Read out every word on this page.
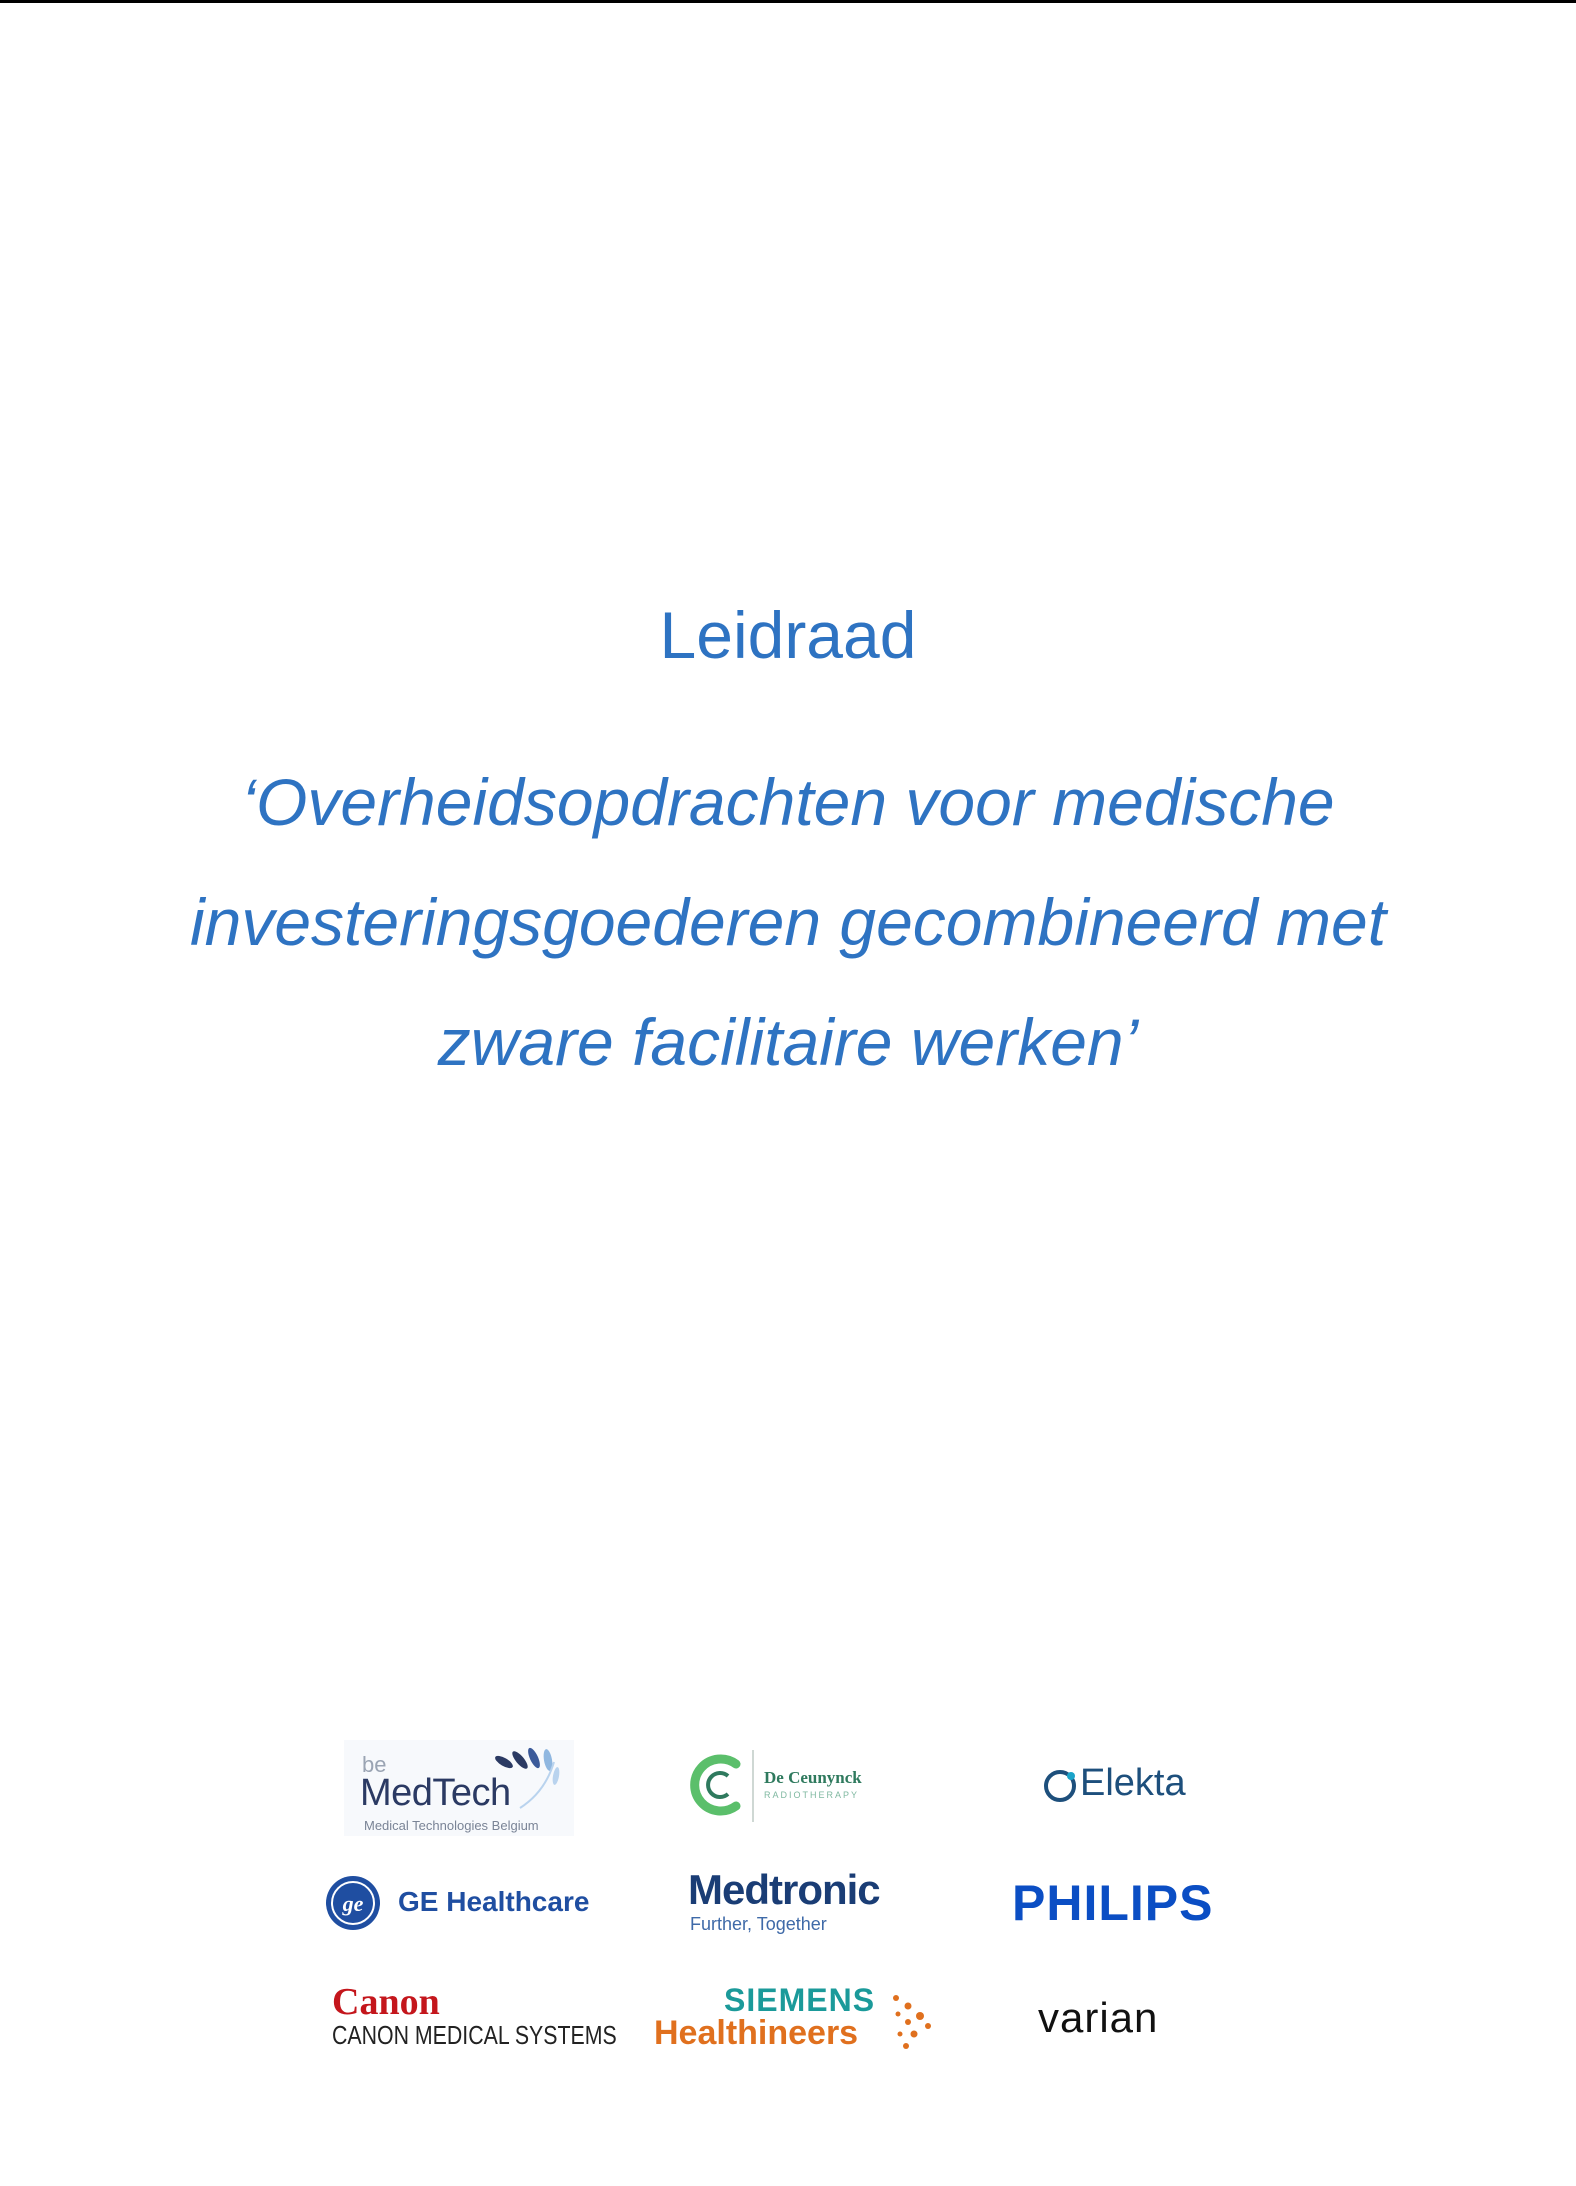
Leidraad
‘Overheidsopdrachten voor medische
investeringsgoederen gecombineerd met
zware facilitaire werken’
be
MedTech
Medical Technologies Belgium
De Ceunynck
RADIOTHERAPY	Elekta
ge GE Healthcare Medtronic
Further, Together	PHILIPS
Canon
CANON MEDICAL SYSTEMS
SIEMENS
Healthineers	varian
